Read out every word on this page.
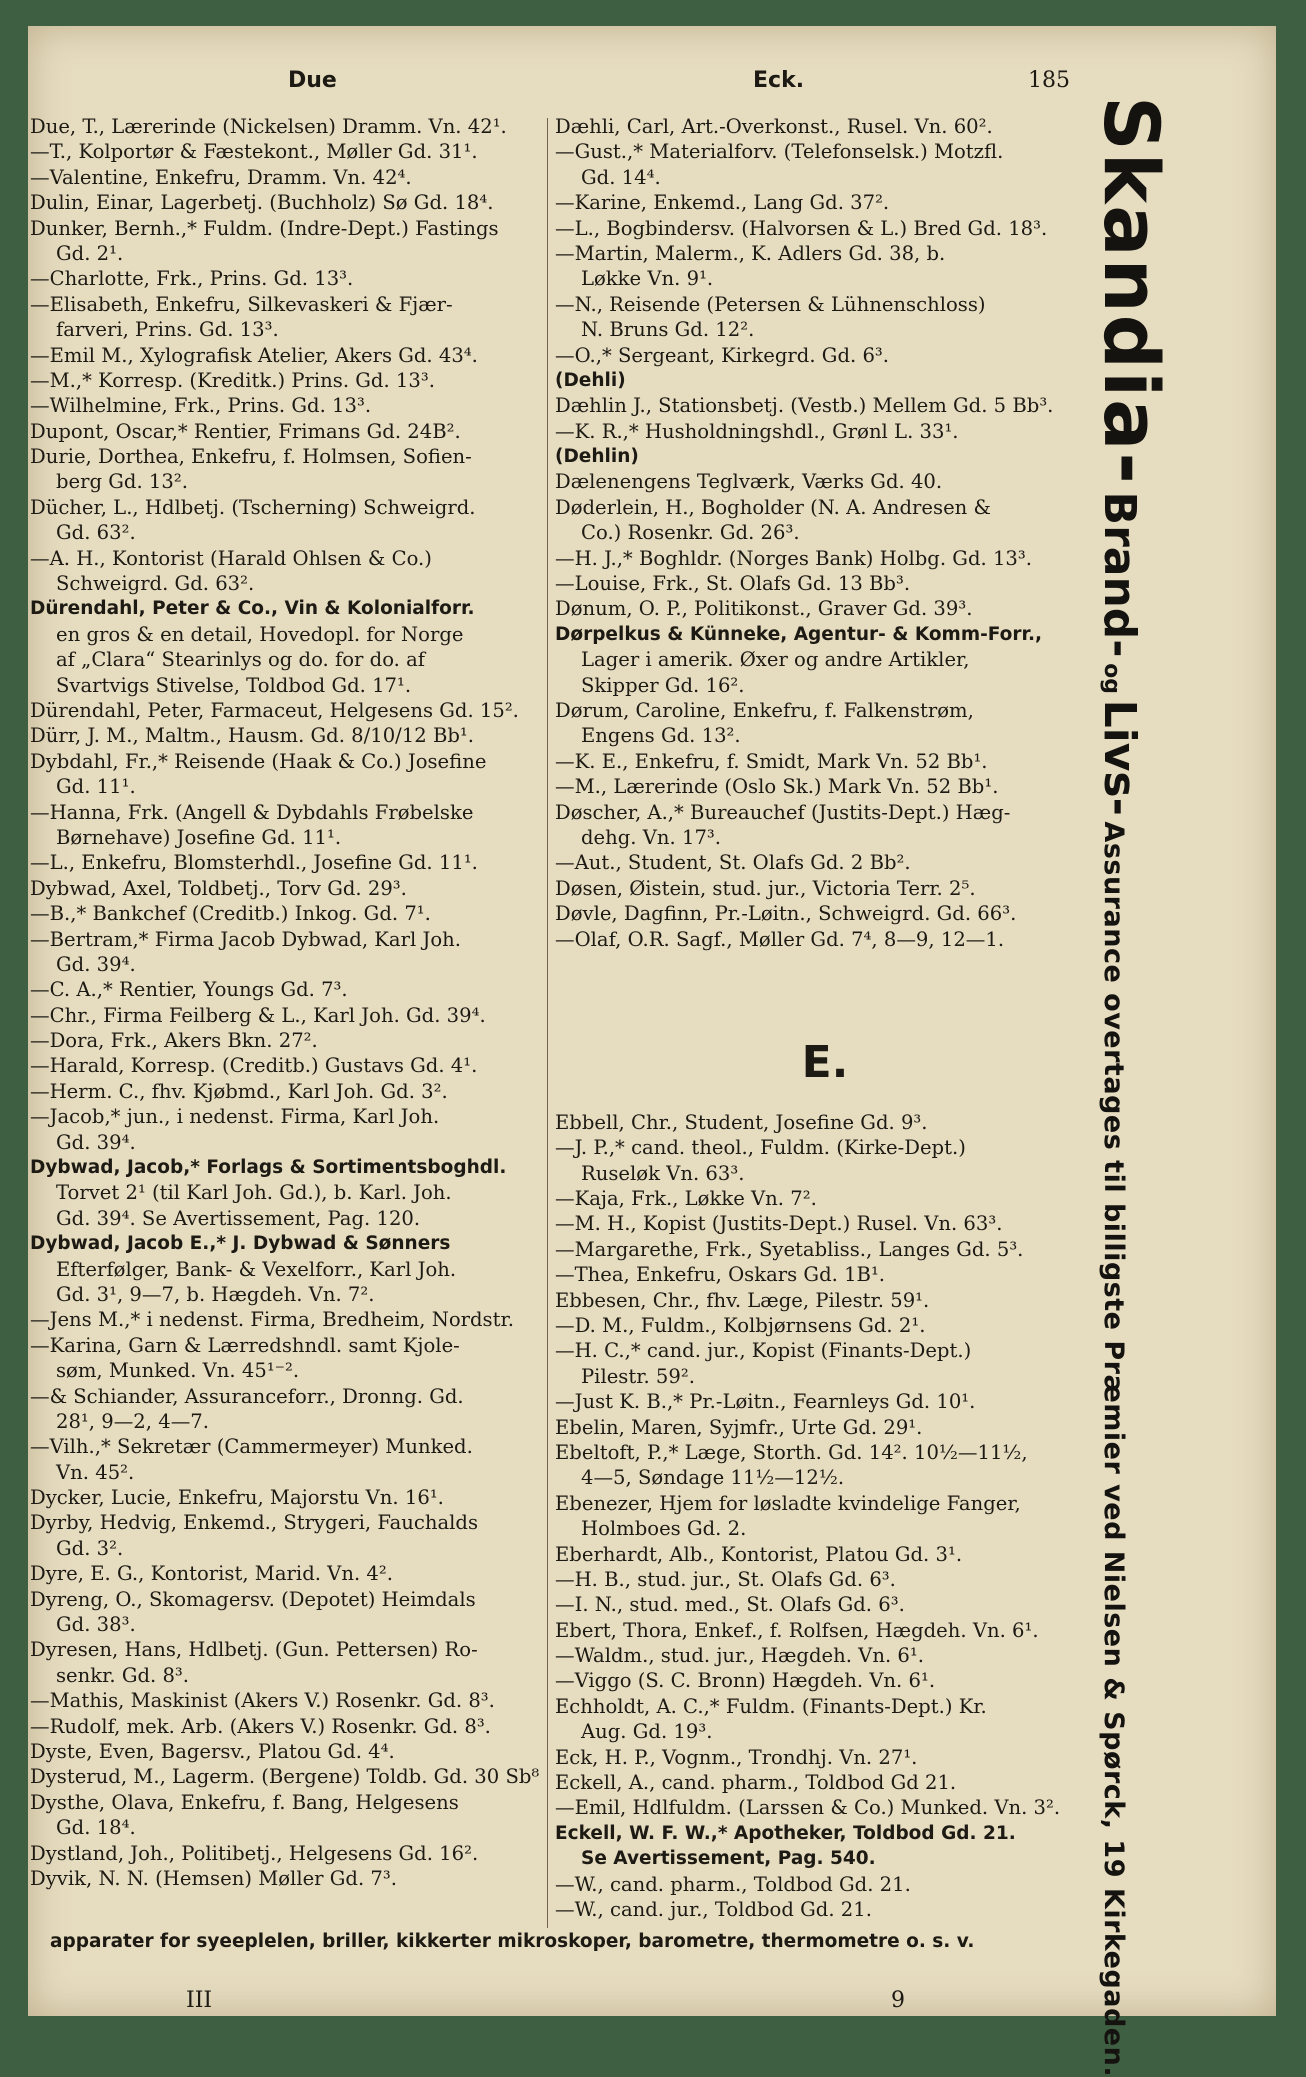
Due	Eck.	185
Due, T., Lærerinde (Nickelsen) Dramm. Vn. 42¹.
—T., Kolportør & Fæstekont., Møller Gd. 31¹.
—Valentine, Enkefru, Dramm. Vn. 42⁴.
Dulin, Einar, Lagerbetj. (Buchholz) Sø Gd. 18⁴.
Dunker, Bernh.,* Fuldm. (Indre-Dept.) Fastings
Gd. 2¹.
—Charlotte, Frk., Prins. Gd. 13³.
—Elisabeth, Enkefru, Silkevaskeri & Fjær-
farveri, Prins. Gd. 13³.
—Emil M., Xylografisk Atelier, Akers Gd. 43⁴.
—M.,* Korresp. (Kreditk.) Prins. Gd. 13³.
—Wilhelmine, Frk., Prins. Gd. 13³.
Dupont, Oscar,* Rentier, Frimans Gd. 24B².
Durie, Dorthea, Enkefru, f. Holmsen, Sofien-
berg Gd. 13².
Dücher, L., Hdlbetj. (Tscherning) Schweigrd.
Gd. 63².
—A. H., Kontorist (Harald Ohlsen & Co.)
Schweigrd. Gd. 63².
Dürendahl, Peter & Co., Vin & Kolonialforr.
en gros & en detail, Hovedopl. for Norge
af „Clara“ Stearinlys og do. for do. af
Svartvigs Stivelse, Toldbod Gd. 17¹.
Dürendahl, Peter, Farmaceut, Helgesens Gd. 15².
Dürr, J. M., Maltm., Hausm. Gd. 8/10/12 Bb¹.
Dybdahl, Fr.,* Reisende (Haak & Co.) Josefine
Gd. 11¹.
—Hanna, Frk. (Angell & Dybdahls Frøbelske
Børnehave) Josefine Gd. 11¹.
—L., Enkefru, Blomsterhdl., Josefine Gd. 11¹.
Dybwad, Axel, Toldbetj., Torv Gd. 29³.
—B.,* Bankchef (Creditb.) Inkog. Gd. 7¹.
—Bertram,* Firma Jacob Dybwad, Karl Joh.
Gd. 39⁴.
—C. A.,* Rentier, Youngs Gd. 7³.
—Chr., Firma Feilberg & L., Karl Joh. Gd. 39⁴.
—Dora, Frk., Akers Bkn. 27².
—Harald, Korresp. (Creditb.) Gustavs Gd. 4¹.
—Herm. C., fhv. Kjøbmd., Karl Joh. Gd. 3².
—Jacob,* jun., i nedenst. Firma, Karl Joh.
Gd. 39⁴.
Dybwad, Jacob,* Forlags & Sortimentsboghdl.
Torvet 2¹ (til Karl Joh. Gd.), b. Karl. Joh.
Gd. 39⁴. Se Avertissement, Pag. 120.
Dybwad, Jacob E.,* J. Dybwad & Sønners
Efterfølger, Bank- & Vexelforr., Karl Joh.
Gd. 3¹, 9—7, b. Hægdeh. Vn. 7².
—Jens M.,* i nedenst. Firma, Bredheim, Nordstr.
—Karina, Garn & Lærredshndl. samt Kjole-
søm, Munked. Vn. 45¹⁻².
—& Schiander, Assuranceforr., Dronng. Gd.
28¹, 9—2, 4—7.
—Vilh.,* Sekretær (Cammermeyer) Munked.
Vn. 45².
Dycker, Lucie, Enkefru, Majorstu Vn. 16¹.
Dyrby, Hedvig, Enkemd., Strygeri, Fauchalds
Gd. 3².
Dyre, E. G., Kontorist, Marid. Vn. 4².
Dyreng, O., Skomagersv. (Depotet) Heimdals
Gd. 38³.
Dyresen, Hans, Hdlbetj. (Gun. Pettersen) Ro-
senkr. Gd. 8³.
—Mathis, Maskinist (Akers V.) Rosenkr. Gd. 8³.
—Rudolf, mek. Arb. (Akers V.) Rosenkr. Gd. 8³.
Dyste, Even, Bagersv., Platou Gd. 4⁴.
Dysterud, M., Lagerm. (Bergene) Toldb. Gd. 30 Sb⁸
Dysthe, Olava, Enkefru, f. Bang, Helgesens
Gd. 18⁴.
Dystland, Joh., Politibetj., Helgesens Gd. 16².
Dyvik, N. N. (Hemsen) Møller Gd. 7³.
Dæhli, Carl, Art.-Overkonst., Rusel. Vn. 60².
—Gust.,* Materialforv. (Telefonselsk.) Motzfl.
Gd. 14⁴.
—Karine, Enkemd., Lang Gd. 37².
—L., Bogbindersv. (Halvorsen & L.) Bred Gd. 18³.
—Martin, Malerm., K. Adlers Gd. 38, b.
Løkke Vn. 9¹.
—N., Reisende (Petersen & Lühnenschloss)
N. Bruns Gd. 12².
—O.,* Sergeant, Kirkegrd. Gd. 6³.
(Dehli)
Dæhlin J., Stationsbetj. (Vestb.) Mellem Gd. 5 Bb³.
—K. R.,* Husholdningshdl., Grønl L. 33¹.
(Dehlin)
Dælenengens Teglværk, Værks Gd. 40.
Døderlein, H., Bogholder (N. A. Andresen &
Co.) Rosenkr. Gd. 26³.
—H. J.,* Boghldr. (Norges Bank) Holbg. Gd. 13³.
—Louise, Frk., St. Olafs Gd. 13 Bb³.
Dønum, O. P., Politikonst., Graver Gd. 39³.
Dørpelkus & Künneke, Agentur- & Komm-Forr.,
Lager i amerik. Øxer og andre Artikler,
Skipper Gd. 16².
Dørum, Caroline, Enkefru, f. Falkenstrøm,
Engens Gd. 13².
—K. E., Enkefru, f. Smidt, Mark Vn. 52 Bb¹.
—M., Lærerinde (Oslo Sk.) Mark Vn. 52 Bb¹.
Døscher, A.,* Bureauchef (Justits-Dept.) Hæg-
dehg. Vn. 17³.
—Aut., Student, St. Olafs Gd. 2 Bb².
Døsen, Øistein, stud. jur., Victoria Terr. 2⁵.
Døvle, Dagfinn, Pr.-Løitn., Schweigrd. Gd. 66³.
—Olaf, O.R. Sagf., Møller Gd. 7⁴, 8—9, 12—1.
E.
Ebbell, Chr., Student, Josefine Gd. 9³.
—J. P.,* cand. theol., Fuldm. (Kirke-Dept.)
Ruseløk Vn. 63³.
—Kaja, Frk., Løkke Vn. 7².
—M. H., Kopist (Justits-Dept.) Rusel. Vn. 63³.
—Margarethe, Frk., Syetabliss., Langes Gd. 5³.
—Thea, Enkefru, Oskars Gd. 1B¹.
Ebbesen, Chr., fhv. Læge, Pilestr. 59¹.
—D. M., Fuldm., Kolbjørnsens Gd. 2¹.
—H. C.,* cand. jur., Kopist (Finants-Dept.)
Pilestr. 59².
—Just K. B.,* Pr.-Løitn., Fearnleys Gd. 10¹.
Ebelin, Maren, Syjmfr., Urte Gd. 29¹.
Ebeltoft, P.,* Læge, Storth. Gd. 14². 10½—11½,
4—5, Søndage 11½—12½.
Ebenezer, Hjem for løsladte kvindelige Fanger,
Holmboes Gd. 2.
Eberhardt, Alb., Kontorist, Platou Gd. 3¹.
—H. B., stud. jur., St. Olafs Gd. 6³.
—I. N., stud. med., St. Olafs Gd. 6³.
Ebert, Thora, Enkef., f. Rolfsen, Hægdeh. Vn. 6¹.
—Waldm., stud. jur., Hægdeh. Vn. 6¹.
—Viggo (S. C. Bronn) Hægdeh. Vn. 6¹.
Echholdt, A. C.,* Fuldm. (Finants-Dept.) Kr.
Aug. Gd. 19³.
Eck, H. P., Vognm., Trondhj. Vn. 27¹.
Eckell, A., cand. pharm., Toldbod Gd 21.
—Emil, Hdlfuldm. (Larssen & Co.) Munked. Vn. 3².
Eckell, W. F. W.,* Apotheker, Toldbod Gd. 21.
Se Avertissement, Pag. 540.
—W., cand. pharm., Toldbod Gd. 21.
—W., cand. jur., Toldbod Gd. 21.
Skandia- Brand- og Livs- Assurance overtages til billigste Præmier ved Nielsen & Spørck, 19 Kirkegaden.
apparater for syeeplelen, briller, kikkerter mikroskoper, barometre, thermometre o. s. v.
III	9
